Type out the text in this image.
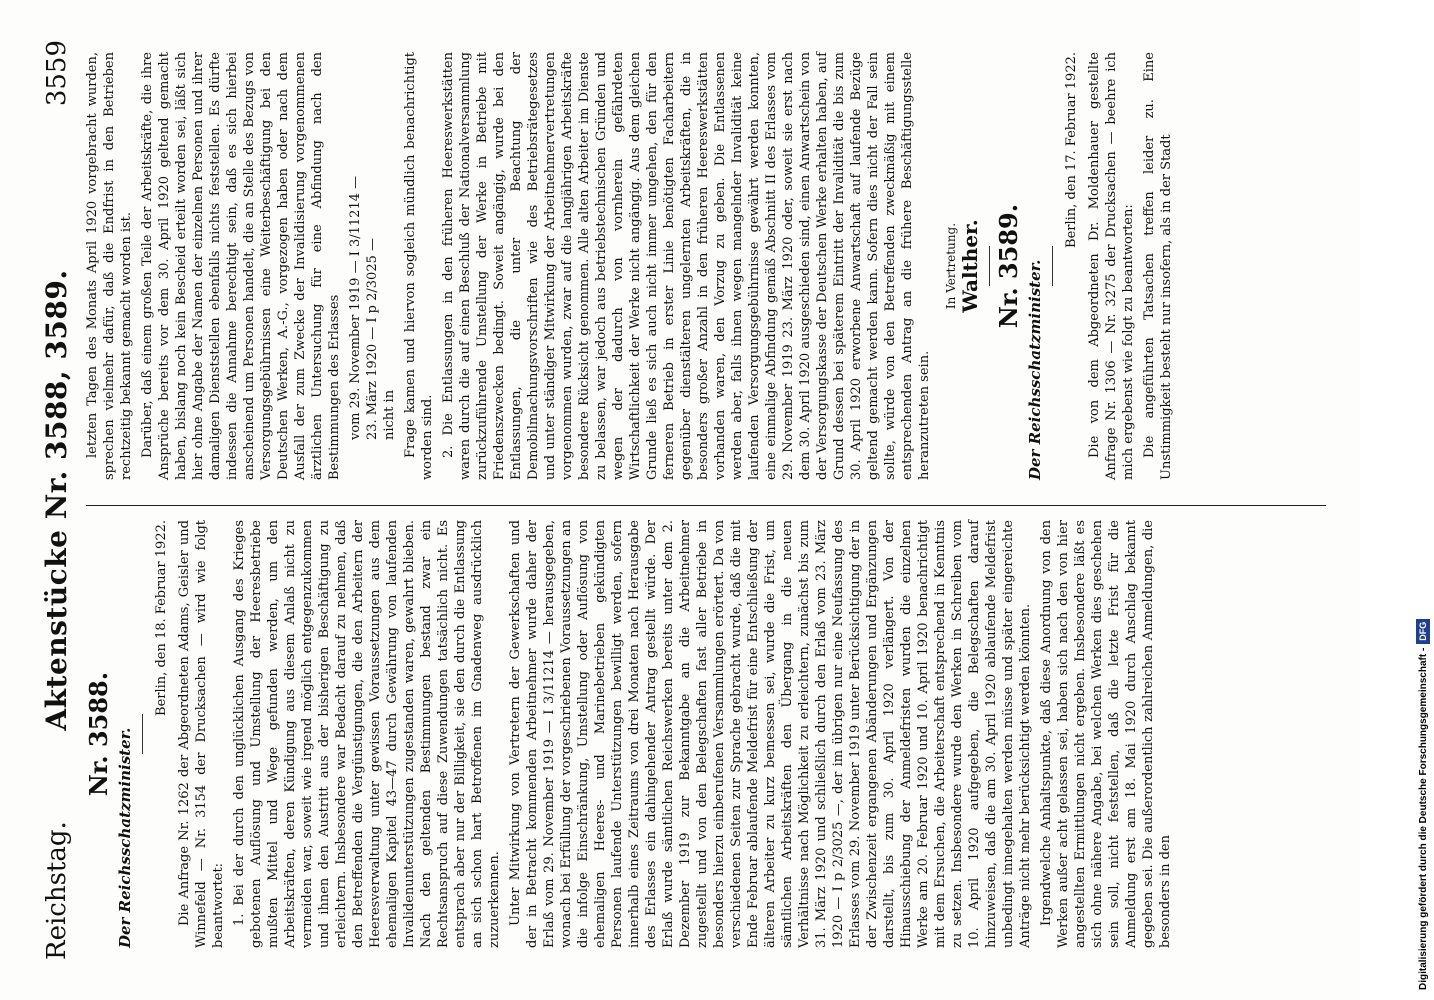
Reichstag.
Aktenstücke Nr. 3588, 3589.
3559
Nr. 3588. Der Reichsschatzminister.
Berlin, den 18. Februar 1922. Die Anfrage Nr. 1262 der Abgeordneten Adams, Geisler und Winnefeld — Nr. 3154 der Drucksachen — wird wie folgt beantwortet: 1. Bei der durch den unglücklichen Ausgang des Krieges gebotenen Auflösung und Umstellung der Heeresbetriebe mußten Mittel und Wege gefunden werden, um den Arbeitskräften, deren Kündigung aus diesem Anlaß nicht zu vermeiden war, soweit wie irgend möglich entgegenzukommen und ihnen den Austritt aus der bisherigen Beschäftigung zu erleichtern. Insbesondere war Bedacht darauf zu nehmen, daß den Betreffenden die Vergünstigungen, die den Arbeitern der Heeresverwaltung unter gewissen Voraussetzungen aus dem ehemaligen Kapitel 43—47 durch Gewährung von laufenden Invalidenunterstützungen zugestanden waren, gewahrt blieben. Nach den geltenden Bestimmungen bestand zwar ein Rechtsanspruch auf diese Zuwendungen tatsächlich nicht. Es entsprach aber nur der Billigkeit, sie den durch die Entlassung an sich schon hart Betroffenen im Gnadenweg ausdrücklich zuzuerkennen. Unter Mitwirkung von Vertretern der Gewerkschaften und der in Betracht kommenden Arbeitnehmer wurde daher der Erlaß vom 29. November 1919 — I 3/11214 — herausgegeben, wonach bei Erfüllung der vorgeschriebenen Voraussetzungen an die infolge Einschränkung, Umstellung oder Auflösung von ehemaligen Heeres- und Marinebetrieben gekündigten Personen laufende Unterstützungen bewilligt werden, sofern innerhalb eines Zeitraums von drei Monaten nach Herausgabe des Erlasses ein dahingehender Antrag gestellt würde. Der Erlaß wurde sämtlichen Reichswerken bereits unter dem 2. Dezember 1919 zur Bekanntgabe an die Arbeitnehmer zugestellt und von den Belegschaften fast aller Betriebe in besonders hierzu einberufenen Versammlungen erörtert. Da von verschiedenen Seiten zur Sprache gebracht wurde, daß die mit Ende Februar ablaufende Meldefrist für eine Entschließung der älteren Arbeiter zu kurz bemessen sei, wurde die Frist, um sämtlichen Arbeitskräften den Übergang in die neuen Verhältnisse nach Möglichkeit zu erleichtern, zunächst bis zum 31. März 1920 und schließlich durch den Erlaß vom 23. März 1920 — I p 2/3025 —, der im übrigen nur eine Neufassung des Erlasses vom 29. November 1919 unter Berücksichtigung der in der Zwischenzeit ergangenen Abänderungen und Ergänzungen darstellt, bis zum 30. April 1920 verlängert. Von der Hinausschiebung der Anmeldefristen wurden die einzelnen Werke am 20. Februar 1920 und 10. April 1920 benachrichtigt mit dem Ersuchen, die Arbeiterschaft entsprechend in Kenntnis zu setzen. Insbesondere wurde den Werken in Schreiben vom 10. April 1920 aufgegeben, die Belegschaften darauf hinzuweisen, daß die am 30. April 1920 ablaufende Meldefrist unbedingt innegehalten werden müsse und später eingereichte Anträge nicht mehr berücksichtigt werden könnten. Irgendwelche Anhaltspunkte, daß diese Anordnung von den Werken außer acht gelassen sei, haben sich nach den von hier angestellten Ermittlungen nicht ergeben. Insbesondere läßt es sich ohne nähere Angabe, bei welchen Werken dies geschehen sein soll, nicht feststellen, daß die letzte Frist für die Anmeldung erst am 18. Mai 1920 durch Anschlag bekannt gegeben sei. Die außerordentlich zahlreichen Anmeldungen, die besonders in den

letzten Tagen des Monats April 1920 vorgebracht wurden, sprechen vielmehr dafür, daß die Endfrist in den Betrieben rechtzeitig bekannt gemacht worden ist. Darüber, daß einem großen Teile der Arbeitskräfte, die ihre Ansprüche bereits vor dem 30. April 1920 geltend gemacht haben, bislang noch kein Bescheid erteilt worden sei, läßt sich hier ohne Angabe der Namen der einzelnen Personen und ihrer damaligen Dienststellen ebenfalls nichts feststellen. Es dürfte indessen die Annahme berechtigt sein, daß es sich hierbei anscheinend um Personen handelt, die an Stelle des Bezugs von Versorgungsgebührnissen eine Weiterbeschäftigung bei den Deutschen Werken, A.-G., vorgezogen haben oder nach dem Ausfall der zum Zwecke der Invalidisierung vorgenommenen ärztlichen Untersuchung für eine Abfindung nach den Bestimmungen des Erlasses vom 29. November 1919 — I 3/11214 — 23. März 1920 — I p 2/3025 — nicht in Frage kamen und hiervon sogleich mündlich benachrichtigt worden sind. 2. Die Entlassungen in den früheren Heereswerkstätten waren durch die auf einen Beschluß der Nationalversammlung zurückzuführende Umstellung der Werke in Betriebe mit Friedenszwecken bedingt. Soweit angängig, wurde bei den Entlassungen, die unter Beachtung der Demobilmachungsvorschriften wie des Betriebsrätegesetzes und unter ständiger Mitwirkung der Arbeitnehmervertretungen vorgenommen wurden, zwar auf die langjährigen Arbeitskräfte besondere Rücksicht genommen. Alle alten Arbeiter im Dienste zu belassen, war jedoch aus betriebstechnischen Gründen und wegen der dadurch von vornherein gefährdeten Wirtschaftlichkeit der Werke nicht angängig. Aus dem gleichen Grunde ließ es sich auch nicht immer umgehen, den für den ferneren Betrieb in erster Linie benötigten Facharbeitern gegenüber dienstälteren ungelernten Arbeitskräften, die in besonders großer Anzahl in den früheren Heereswerkstätten vorhanden waren, den Vorzug zu geben. Die Entlassenen werden aber, falls ihnen wegen mangelnder Invalidität keine laufenden Versorgungsgebührnisse gewährt werden konnten, eine einmalige Abfindung gemäß Abschnitt II des Erlasses vom 29. November 1919 23. März 1920 oder, soweit sie erst nach dem 30. April 1920 ausgeschieden sind, einen Anwartschein von der Versorgungskasse der Deutschen Werke erhalten haben, auf Grund dessen bei späterem Eintritt der Invalidität die bis zum 30. April 1920 erworbene Anwartschaft auf laufende Bezüge geltend gemacht werden kann. Sofern dies nicht der Fall sein sollte, würde von den Betreffenden zweckmäßig mit einem entsprechenden Antrag an die frühere Beschäftigungsstelle heranzutreten sein.

In Vertretung. Walther. Nr. 3589. Der Reichsschatzminister.
Berlin, den 17. Februar 1922. Die von dem Abgeordneten Dr. Moldenhauer gestellte Anfrage Nr. 1306 — Nr. 3275 der Drucksachen — beehre ich mich ergebenst wie folgt zu beantworten: Die angeführten Tatsachen treffen leider zu. Eine Unstimmigkeit besteht nur insofern, als in der Stadt

Digitalisierung gefördert durch die Deutsche Forschungsgemeinschaft -DFG
